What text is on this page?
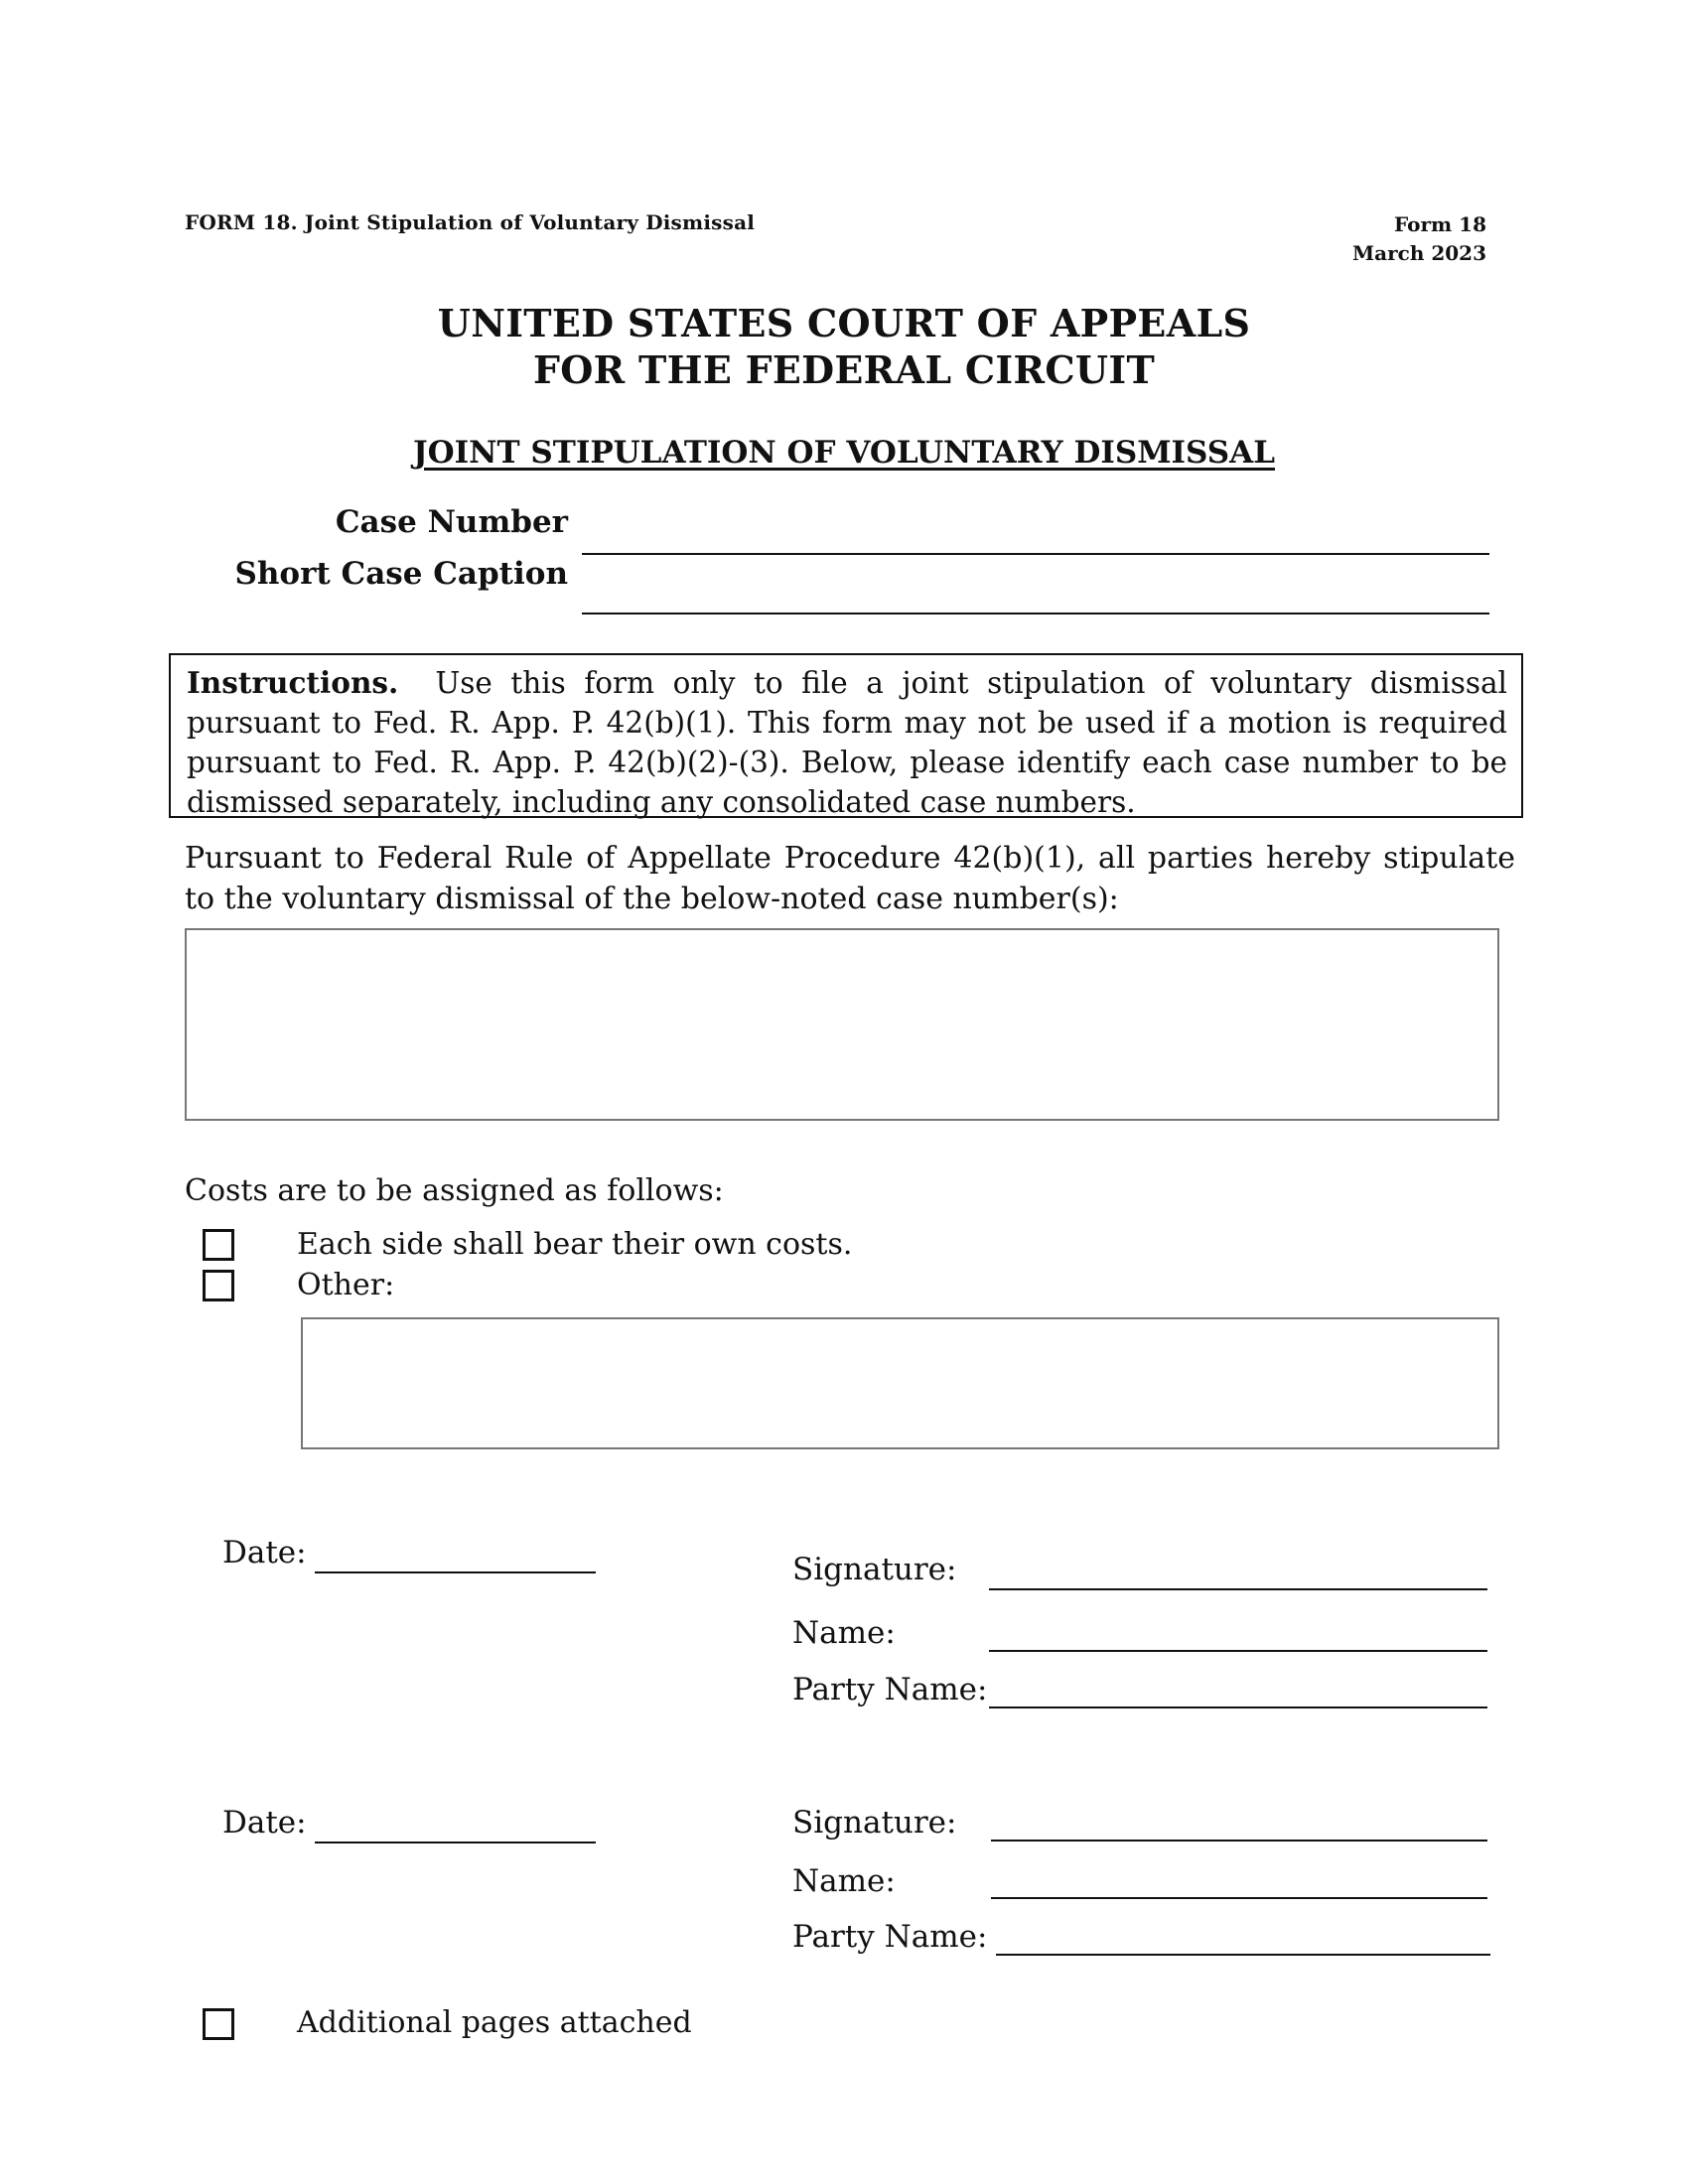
FORM 18. Joint Stipulation of Voluntary Dismissal	Form 18
March 2023
UNITED STATES COURT OF APPEALS
FOR THE FEDERAL CIRCUIT
JOINT STIPULATION OF VOLUNTARY DISMISSAL
Case Number
Short Case Caption
Instructions. Use this form only to file a joint stipulation of voluntary dismissal pursuant to Fed. R. App. P. 42(b)(1). This form may not be used if a motion is required pursuant to Fed. R. App. P. 42(b)(2)-(3). Below, please identify each case number to be dismissed separately, including any consolidated case numbers.
Pursuant to Federal Rule of Appellate Procedure 42(b)(1), all parties hereby stipulate to the voluntary dismissal of the below-noted case number(s):
Costs are to be assigned as follows:
Each side shall bear their own costs.
Other:
Date:	Signature:
Name:
Party Name:
Date:	Signature:
Name:
Party Name:
Additional pages attached
